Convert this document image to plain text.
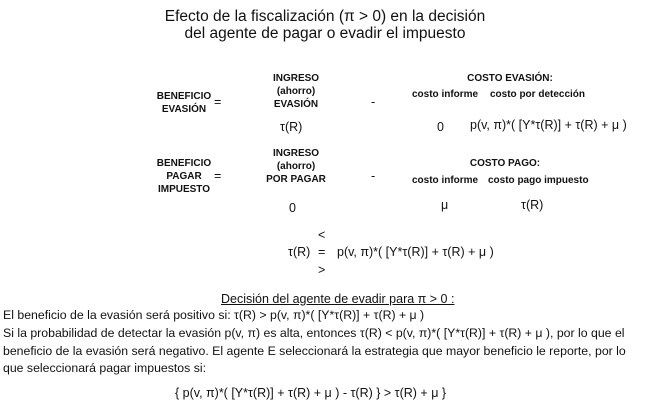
Efecto de la fiscalización (π > 0) en la decisión
del agente de pagar o evadir el impuesto
BENEFICIO
EVASIÓN
=
INGRESO
(ahorro)
EVASIÓN
τ(R)
-
COSTO EVASIÓN:
costo informe costo por detección
0 p(v, π)*( [Υ*τ(R)] + τ(R) + μ )
BENEFICIO
PAGAR
IMPUESTO
=
INGRESO
(ahorro)
POR PAGAR
0
-
COSTO PAGO:
costo informe costo pago impuesto
μ	τ(R)
<
τ(R) = p(v, π)*( [Υ*τ(R)] + τ(R) + μ )
>
Decisión del agente de evadir para π > 0 :
El beneficio de la evasión será positivo si: τ(R) > p(v, π)*( [Υ*τ(R)] + τ(R) + μ )
Si la probabilidad de detectar la evasión p(v, π) es alta, entonces τ(R) < p(v, π)*( [Υ*τ(R)] + τ(R) + μ ), por lo que el beneficio de la evasión será negativo. El agente E seleccionará la estrategia que mayor beneficio le reporte, por lo que seleccionará pagar impuestos si:
{ p(v, π)*( [Υ*τ(R)] + τ(R) + μ ) - τ(R) } > τ(R) + μ }
